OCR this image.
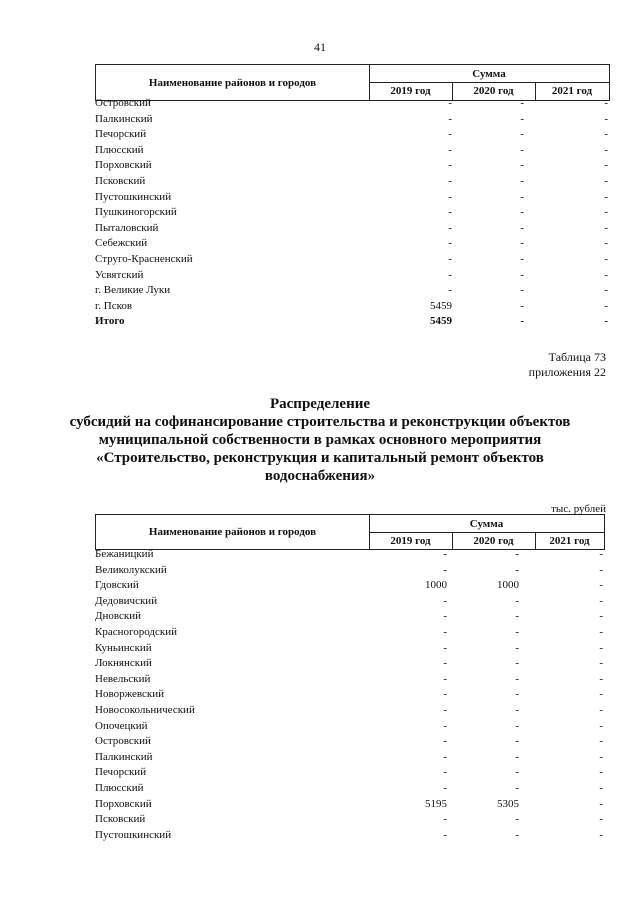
41
Наименование районов и городов
Сумма
2019 год	2020 год	2021 год
Островский	-	-	-
Палкинский	-	-	-
Печорский	-	-	-
Плюсский	-	-	-
Порховский	-	-	-
Псковский	-	-	-
Пустошкинский	-	-	-
Пушкиногорский	-	-	-
Пыталовский	-	-	-
Себежский	-	-	-
Струго-Красненский	-	-	-
Усвятский	-	-	-
г. Великие Луки	-	-	-
г. Псков	5459	-	-
Итого	5459	-	-
Таблица 73
приложения 22
Распределение
субсидий на софинансирование строительства и реконструкции объектов
муниципальной собственности в рамках основного мероприятия
«Строительство, реконструкция и капитальный ремонт объектов
водоснабжения»
тыс. рублей
Наименование районов и городов
Сумма
2019 год	2020 год	2021 год
Бежаницкий	-	-	-
Великолукский	-	-	-
Гдовский	1000	1000	-
Дедовичский	-	-	-
Дновский	-	-	-
Красногородский	-	-	-
Куньинский	-	-	-
Локнянский	-	-	-
Невельский	-	-	-
Новоржевский	-	-	-
Новосокольнический	-	-	-
Опочецкий	-	-	-
Островский	-	-	-
Палкинский	-	-	-
Печорский	-	-	-
Плюсский	-	-	-
Порховский	5195	5305	-
Псковский	-	-	-
Пустошкинский	-	-	-
